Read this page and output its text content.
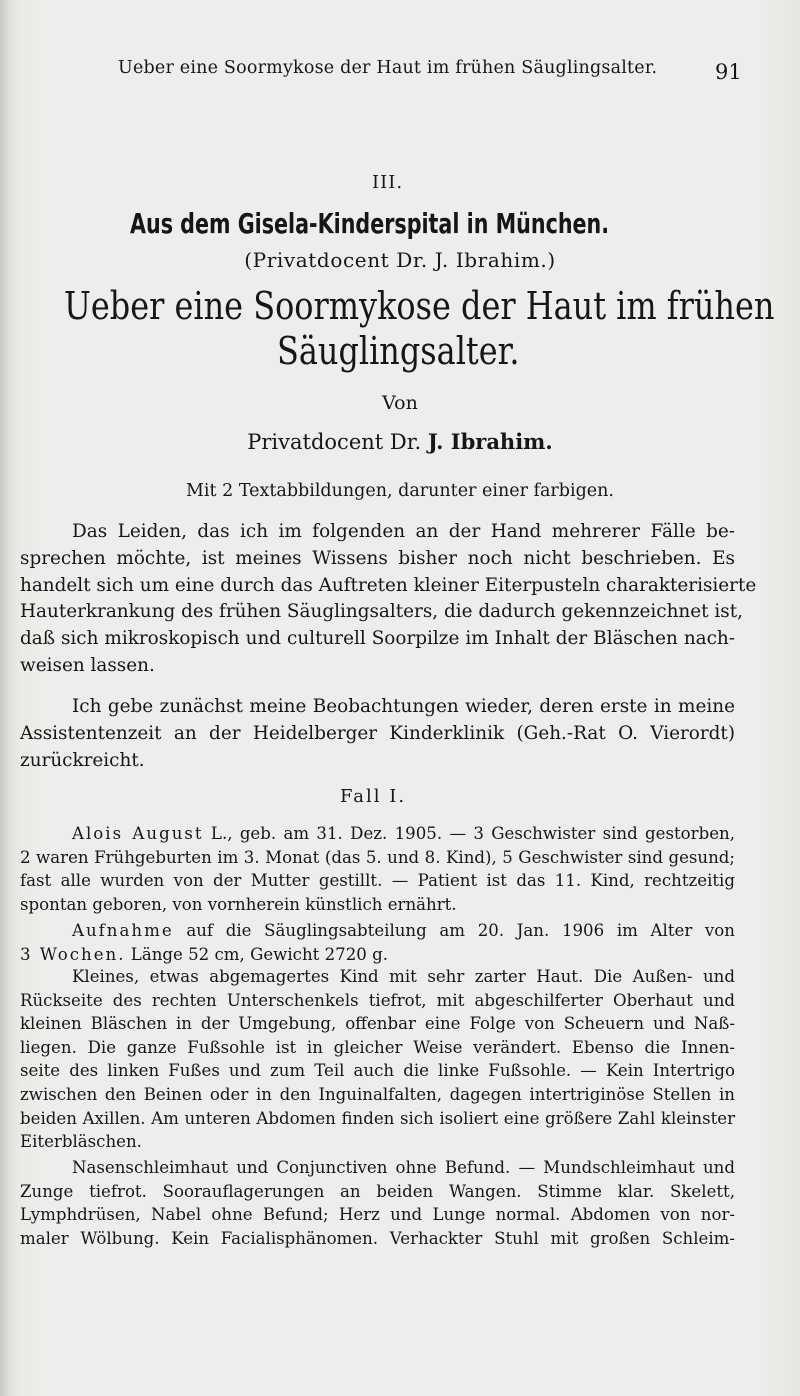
Ueber eine Soormykose der Haut im frühen Säuglingsalter.	91
III.
Aus dem Gisela-Kinderspital in München.
(Privatdocent Dr. J. Ibrahim.)
Ueber eine Soormykose der Haut im frühen
Säuglingsalter.
Von
Privatdocent Dr. J. Ibrahim.
Mit 2 Textabbildungen, darunter einer farbigen.
Das Leiden, das ich im folgenden an der Hand mehrerer Fälle be-
sprechen möchte, ist meines Wissens bisher noch nicht beschrieben. Es
handelt sich um eine durch das Auftreten kleiner Eiterpusteln charakterisierte
Hauterkrankung des frühen Säuglingsalters, die dadurch gekennzeichnet ist,
daß sich mikroskopisch und culturell Soorpilze im Inhalt der Bläschen nach-
weisen lassen.
Ich gebe zunächst meine Beobachtungen wieder, deren erste in meine
Assistentenzeit an der Heidelberger Kinderklinik (Geh.-Rat O. Vierordt)
zurückreicht.
Fall I.
Alois August L., geb. am 31. Dez. 1905. — 3 Geschwister sind gestorben,
2 waren Frühgeburten im 3. Monat (das 5. und 8. Kind), 5 Geschwister sind gesund;
fast alle wurden von der Mutter gestillt. — Patient ist das 11. Kind, rechtzeitig
spontan geboren, von vornherein künstlich ernährt.
Aufnahme auf die Säuglingsabteilung am 20. Jan. 1906 im Alter von
3 Wochen. Länge 52 cm, Gewicht 2720 g.
Kleines, etwas abgemagertes Kind mit sehr zarter Haut. Die Außen- und
Rückseite des rechten Unterschenkels tiefrot, mit abgeschilferter Oberhaut und
kleinen Bläschen in der Umgebung, offenbar eine Folge von Scheuern und Naß-
liegen. Die ganze Fußsohle ist in gleicher Weise verändert. Ebenso die Innen-
seite des linken Fußes und zum Teil auch die linke Fußsohle. — Kein Intertrigo
zwischen den Beinen oder in den Inguinalfalten, dagegen intertriginöse Stellen in
beiden Axillen. Am unteren Abdomen finden sich isoliert eine größere Zahl kleinster
Eiterbläschen.
Nasenschleimhaut und Conjunctiven ohne Befund. — Mundschleimhaut und
Zunge tiefrot. Soorauflagerungen an beiden Wangen. Stimme klar. Skelett,
Lymphdrüsen, Nabel ohne Befund; Herz und Lunge normal. Abdomen von nor-
maler Wölbung. Kein Facialisphänomen. Verhackter Stuhl mit großen Schleim-
